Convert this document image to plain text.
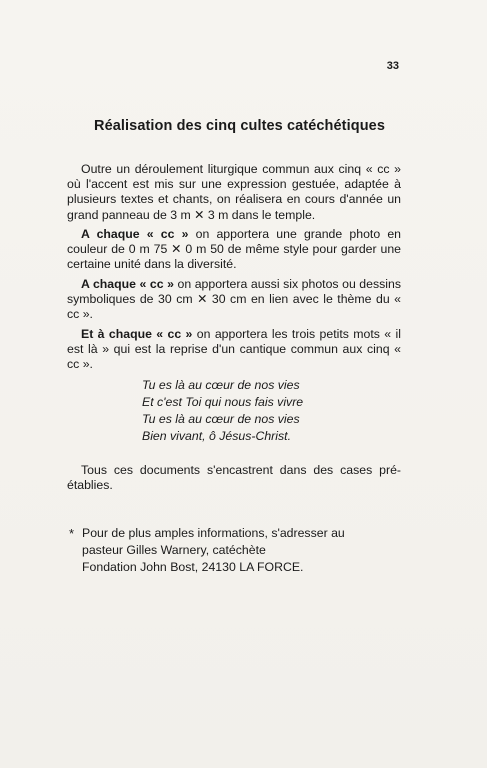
33
Réalisation des cinq cultes catéchétiques

Outre un déroulement liturgique commun aux cinq « cc » où l'accent est mis sur une expression gestuée, adaptée à plusieurs textes et chants, on réalisera en cours d'année un grand panneau de 3 m ✕ 3 m dans le temple.

A chaque « cc » on apportera une grande photo en couleur de 0 m 75 ✕ 0 m 50 de même style pour garder une certaine unité dans la diversité.

A chaque « cc » on apportera aussi six photos ou dessins symboliques de 30 cm ✕ 30 cm en lien avec le thème du « cc ».

Et à chaque « cc » on apportera les trois petits mots « il est là » qui est la reprise d'un cantique commun aux cinq « cc ».

Tu es là au cœur de nos vies
Et c'est Toi qui nous fais vivre
Tu es là au cœur de nos vies
Bien vivant, ô Jésus-Christ.

Tous ces documents s'encastrent dans des cases pré-établies.

* Pour de plus amples informations, s'adresser au
pasteur Gilles Warnery, catéchète
Fondation John Bost, 24130 LA FORCE.
